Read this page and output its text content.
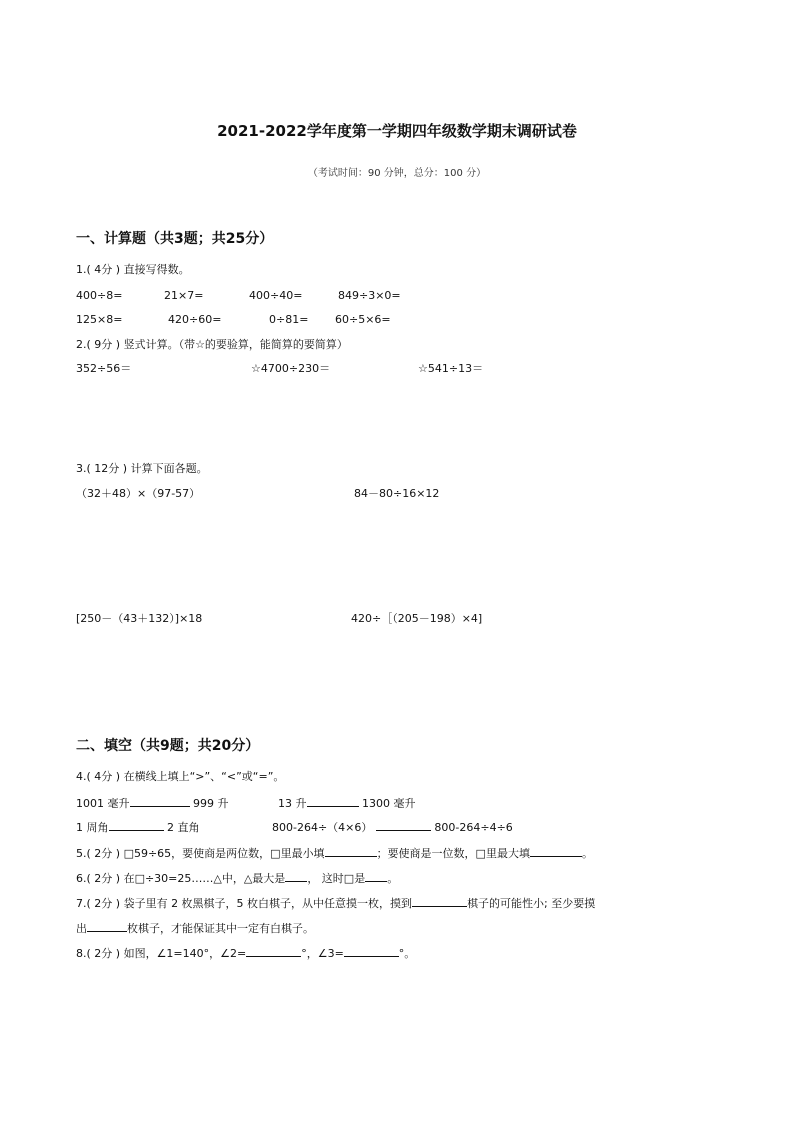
2021-2022学年度第一学期四年级数学期末调研试卷
（考试时间：90 分钟，总分：100 分）
一、计算题（共3题；共25分）
1.( 4分 ) 直接写得数。
400÷8=	21×7=	400÷40=	849÷3×0=
125×8=	420÷60=	0÷81= 60÷5×6=
2.( 9分 ) 竖式计算。（带☆的要验算，能简算的要简算）
352÷56＝	☆4700÷230＝	☆541÷13＝
3.( 12分 ) 计算下面各题。
（32＋48）×（97-57）	84－80÷16×12
[250－（43＋132）]×18	420÷［（205－198）×4]
二、填空（共9题；共20分）
4.( 4分 ) 在横线上填上“>”、“<”或“=”。
1001 毫升	999 升	13 升	1300 毫升
1 周角	2 直角	800-264÷（4×6）	800-264÷4÷6
5.( 2分 ) □59÷65，要使商是两位数，□里最小填	；要使商是一位数，□里最大填	。
6.( 2分 ) 在□÷30=25……△中，△最大是 ， 这时□是 。
7.( 2分 ) 袋子里有 2 枚黑棋子，5 枚白棋子，从中任意摸一枚，摸到	棋子的可能性小; 至少要摸
出	枚棋子，才能保证其中一定有白棋子。
8.( 2分 ) 如图，∠1=140°，∠2=	°，∠3=	°。
